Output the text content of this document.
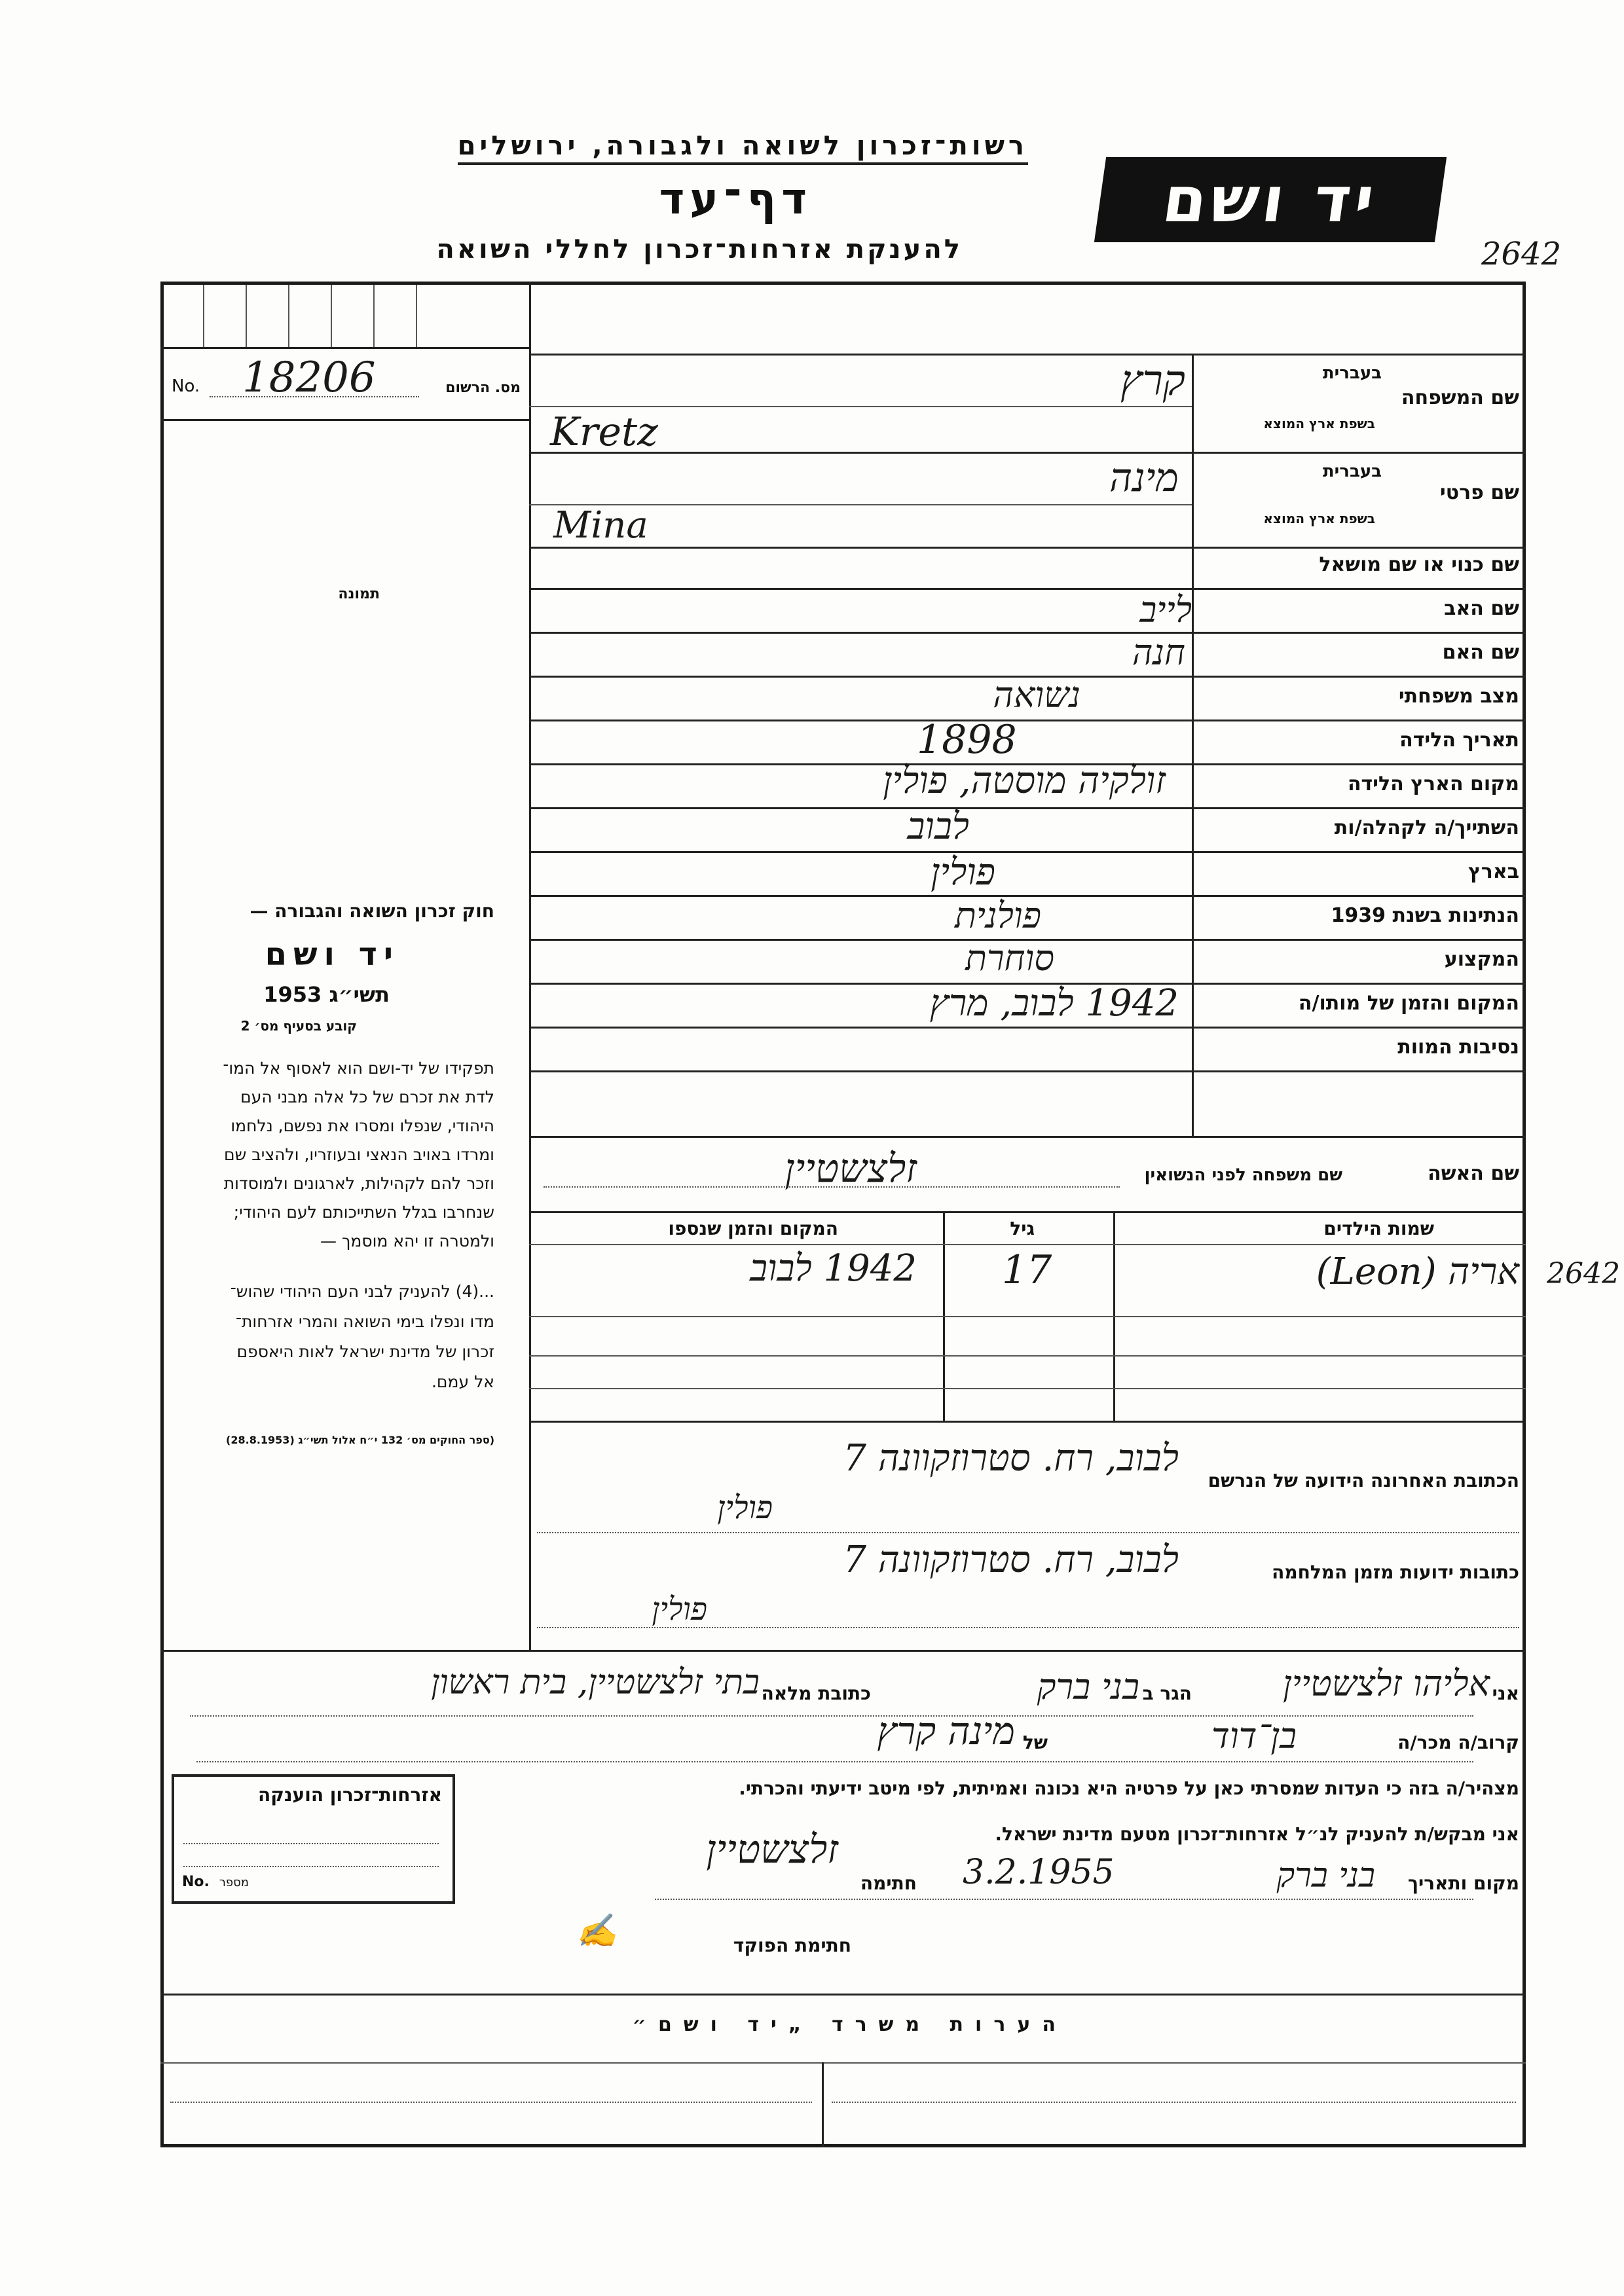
רשות־זכרון לשואה ולגבורה, ירושלים
דף־עד
להענקת אזרחות־זכרון לחללי השואה
יד ושם
2642
2642
No. 18206	מס. הרשום
תמונה
שם המשפחה
בעברית
בשפת ארץ המוצא
קרץ
Kretz
שם פרטי
בעברית
בשפת ארץ המוצא
מינה
Mina
שם כנוי או שם מושאל
שם האב
לייב
שם האם
חנה
מצב משפחתי
נשואה
תאריך הלידה
1898
מקום הארץ הלידה
זולקיה מוסטה, פולין
השתייך/ה לקהלה/ות
לבוב
בארץ
פולין
הנתינות בשנת 1939
פולנית
המקצוע
סוחרת
המקום והזמן של מותו/ה
1942 לבוב, מרץ
נסיבות המוות
שם האשה
שם משפחה לפני הנשואין
זלצשטיין
שמות הילדים
גיל
המקום והזמן שנספו
אריה (Leon)
17
1942 לבוב
חוק זכרון השואה והגבורה —
יד ושם
תשי״ג 1953
קובע בסעיף מס׳ 2
תפקידו של יד-ושם הוא לאסוף אל המו־
לדת את זכרם של כל אלה מבני העם
היהודי, שנפלו ומסרו את נפשם, נלחמו
ומרדו באויב הנאצי ובעוזריו, ולהציב שם
וזכר להם לקהילות, לארגונים ולמוסדות
שנחרבו בגלל השתייכותם לעם היהודי;
ולמטרה זו יהא מוסמך —
...(4) להעניק לבני העם היהודי שהוש־
מדו ונפלו בימי השואה והמרי אזרחות־
זכרון של מדינת ישראל לאות היאספם
אל עמם.
(ספר החוקים מס׳ 132 י״ח אלול תשי״ג (28.8.1953)
הכתובת האחרונה הידועה של הנרשם
לבוב, רח. סטרוזקוונה 7
פולין
כתובות ידועות מזמן המלחמה
לבוב, רח. סטרוזקוונה 7
פולין
אני
אליהו זלצשטיין
הגר ב
בני ברק
כתובת מלאה
בתי זלצשטיין, בית ראשון
קרוב/ה מכר/ה
בן־דוד
של
מינה קרץ
מצהיר/ה בזה כי העדות שמסרתי כאן על פרטיה היא נכונה ואמיתית, לפי מיטב ידיעתי והכרתי.
אני מבקש/ת להעניק לנ״ל אזרחות־זכרון מטעם מדינת ישראל.
מקום ותאריך
בני ברק
3.2.1955
חתימה
זלצשטיין
חתימת הפוקד
✍
אזרחות־זכרון הוענקה
No. מספר
הערות משרד „יד ושם״
